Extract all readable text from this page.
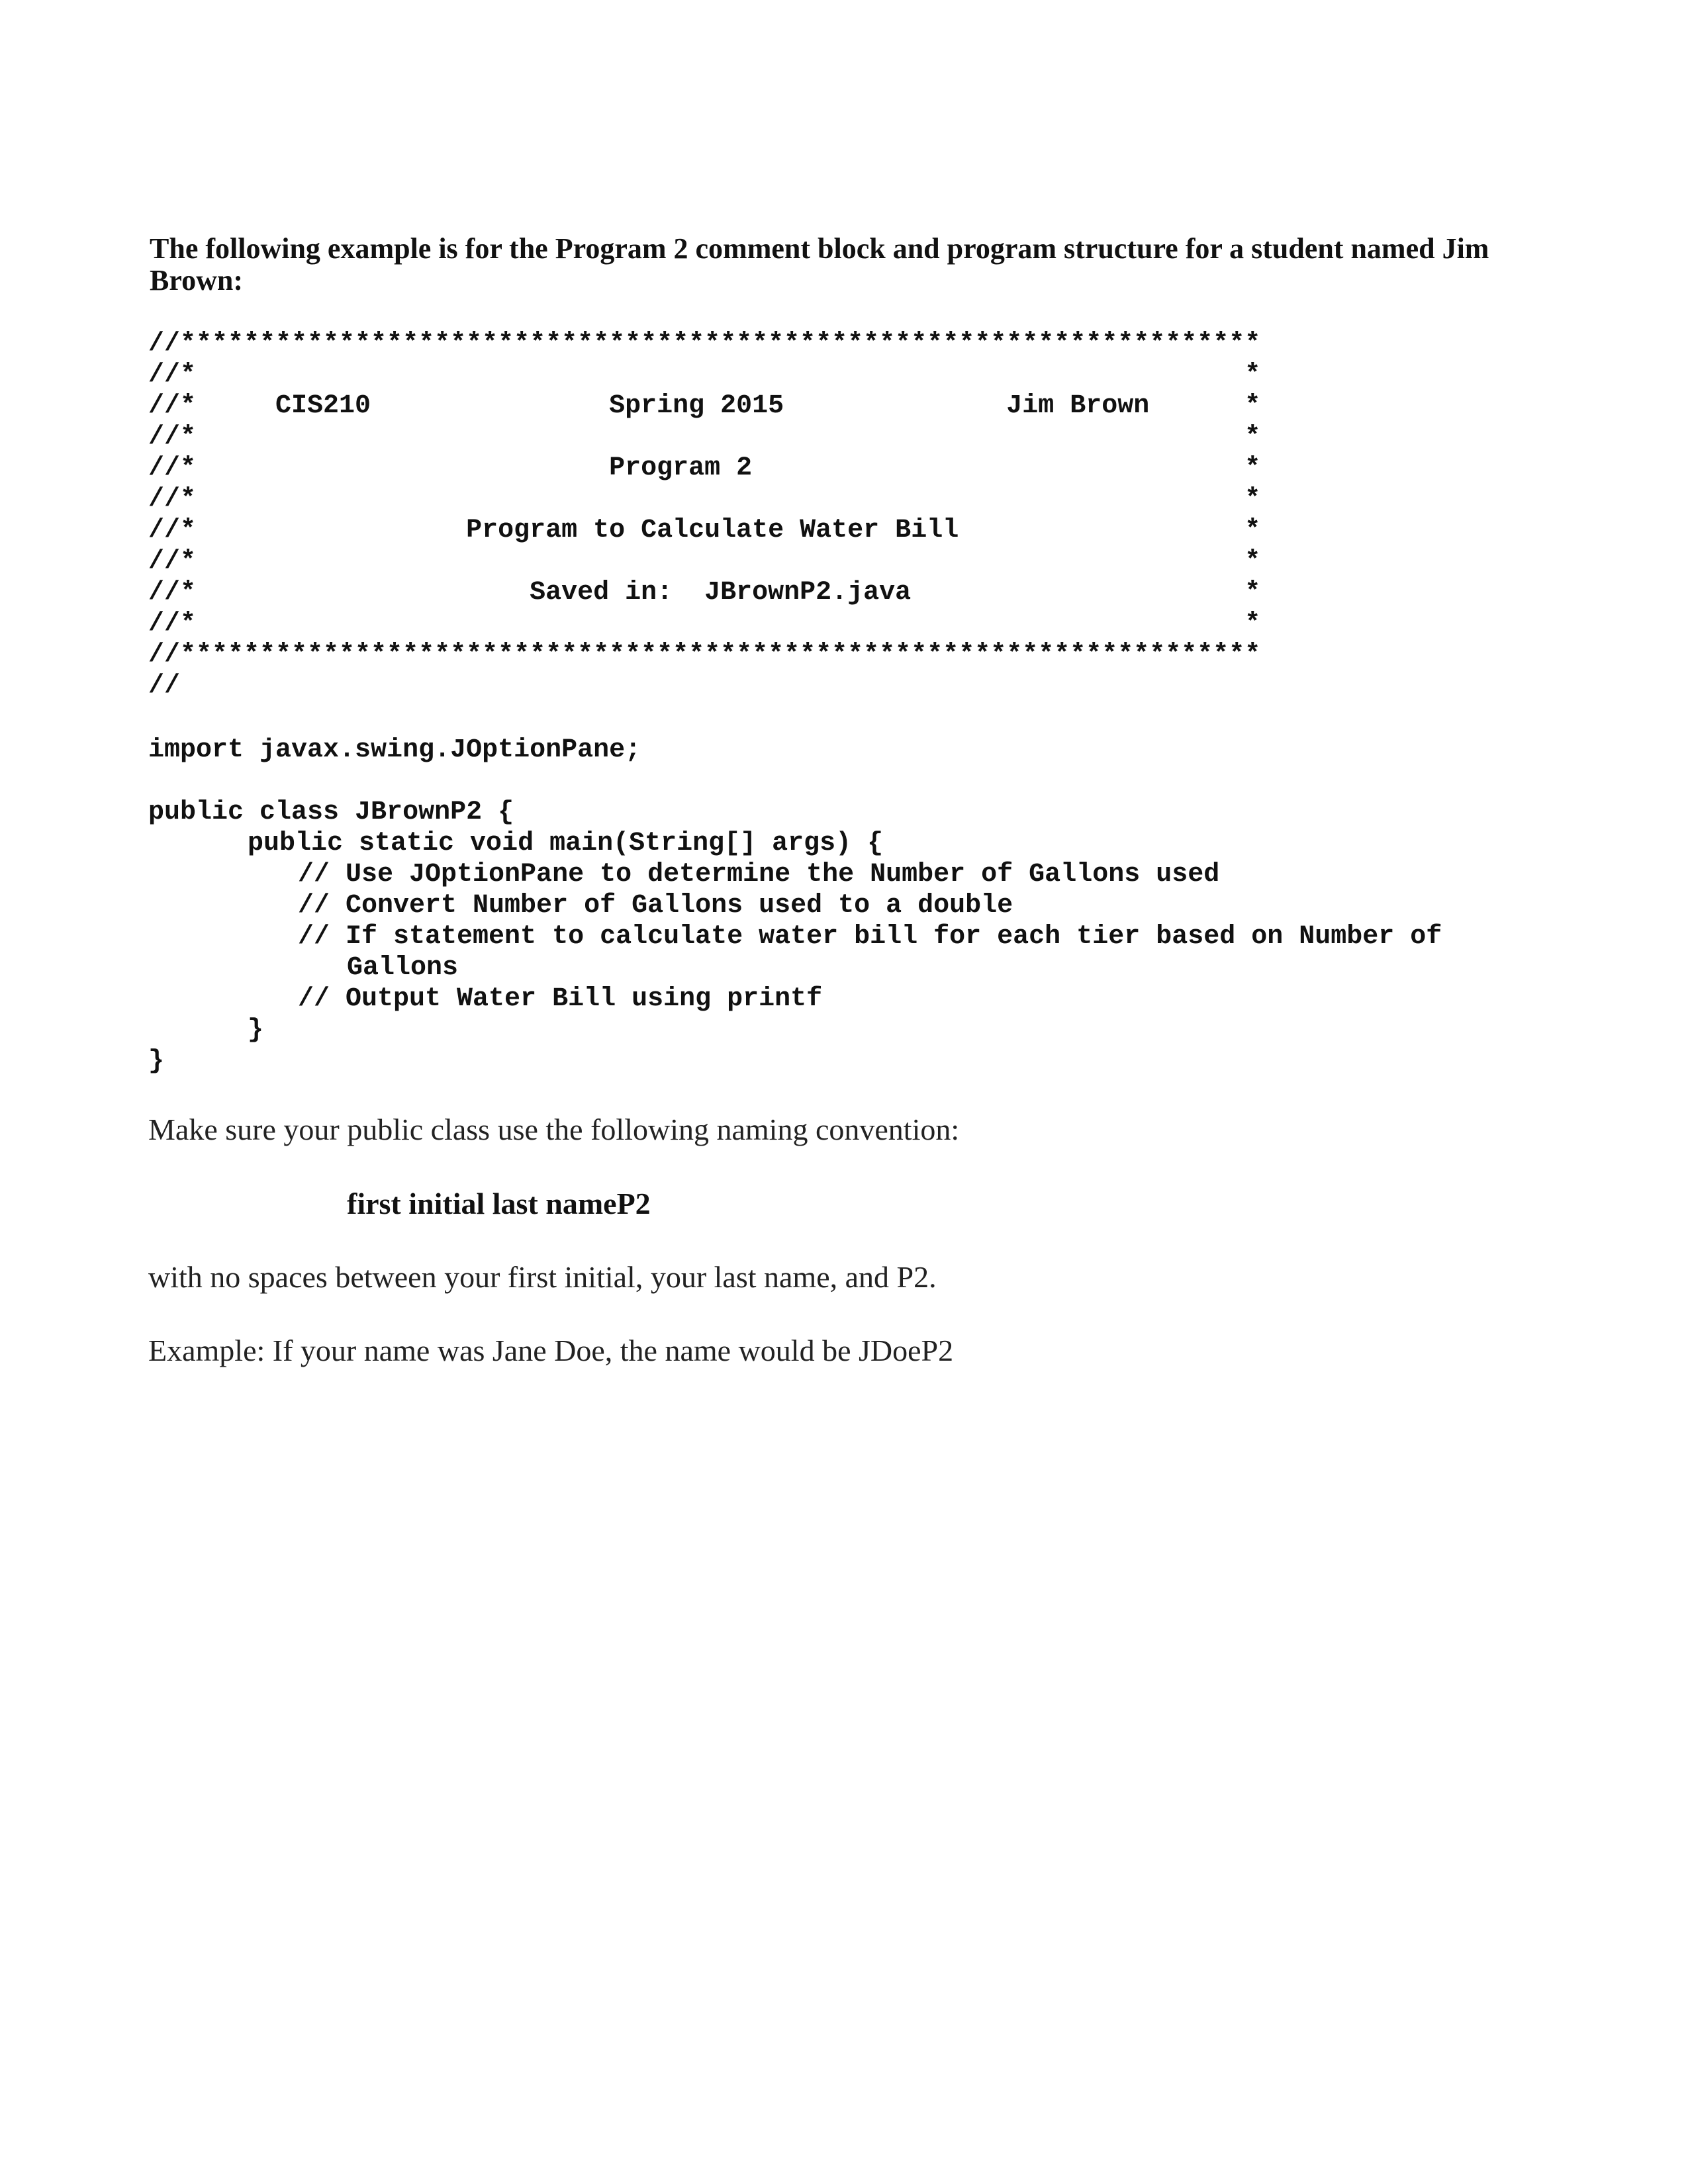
The following example is for the Program 2 comment block and program structure for a student named Jim Brown:

//********************************************************************

//*                                                                  *

//*     CIS210               Spring 2015              Jim Brown      *

//*                                                                  *

//*                          Program 2                               *

//*                                                                  *

//*                 Program to Calculate Water Bill                  *

//*                                                                  *

//*                     Saved in:  JBrownP2.java                     *

//*                                                                  *

//********************************************************************

//

import javax.swing.JOptionPane;

public class JBrownP2 {

public static void main(String[] args) {

// Use JOptionPane to determine the Number of Gallons used

// Convert Number of Gallons used to a double

// If statement to calculate water bill for each tier based on Number of

Gallons

// Output Water Bill using printf

}

}

Make sure your public class use the following naming convention:

first initial last nameP2

with no spaces between your first initial, your last name, and P2.

Example: If your name was Jane Doe, the name would be JDoeP2
